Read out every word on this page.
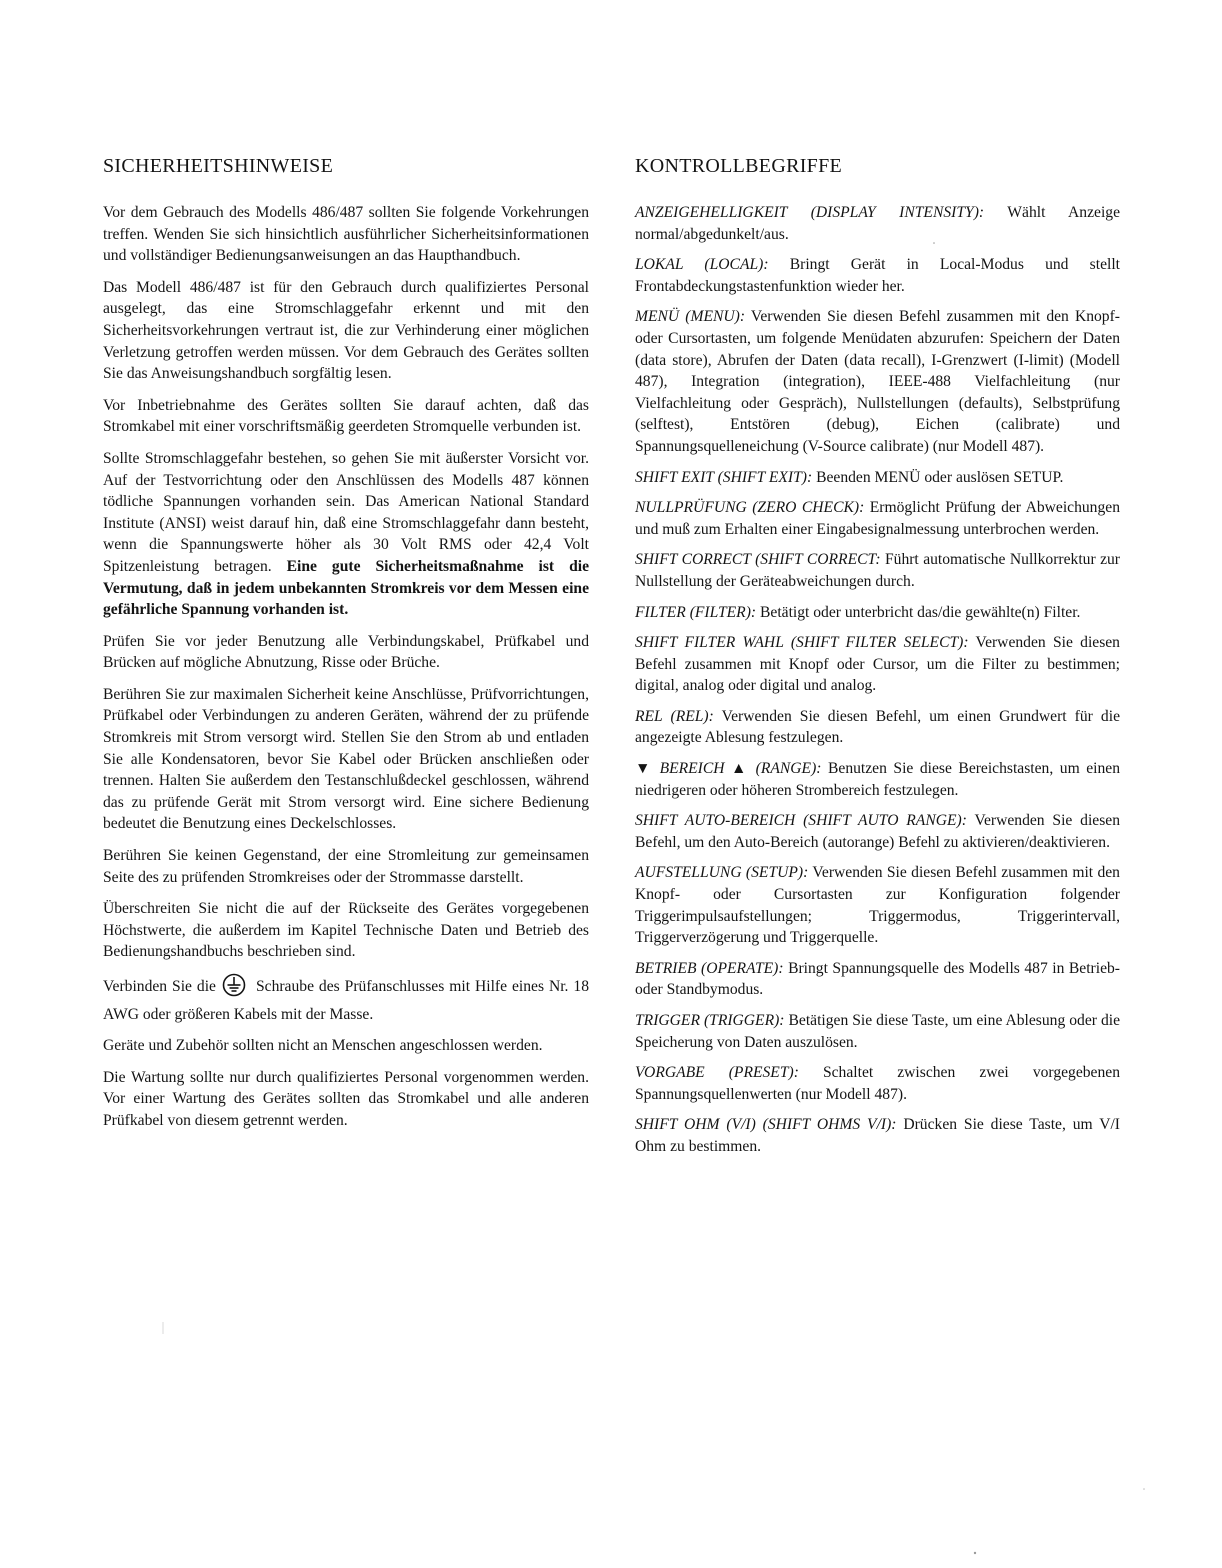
SICHERHEITSHINWEISE

Vor dem Gebrauch des Modells 486/487 sollten Sie folgende Vorkehrungen treffen. Wenden Sie sich hinsichtlich ausführlicher Sicherheitsinformationen und vollständiger Bedienungsanweisungen an das Haupthandbuch.

Das Modell 486/487 ist für den Gebrauch durch qualifiziertes Personal ausgelegt, das eine Stromschlaggefahr erkennt und mit den Sicherheitsvorkehrungen vertraut ist, die zur Verhinderung einer möglichen Verletzung getroffen werden müssen. Vor dem Gebrauch des Gerätes sollten Sie das Anweisungshandbuch sorgfältig lesen.

Vor Inbetriebnahme des Gerätes sollten Sie darauf achten, daß das Stromkabel mit einer vorschriftsmäßig geerdeten Stromquelle verbunden ist.

Sollte Stromschlaggefahr bestehen, so gehen Sie mit äußerster Vorsicht vor. Auf der Testvorrichtung oder den Anschlüssen des Modells 487 können tödliche Spannungen vorhanden sein. Das American National Standard Institute (ANSI) weist darauf hin, daß eine Stromschlaggefahr dann besteht, wenn die Spannungswerte höher als 30 Volt RMS oder 42,4 Volt Spitzenleistung betragen. Eine gute Sicherheitsmaßnahme ist die Vermutung, daß in jedem unbekannten Stromkreis vor dem Messen eine gefährliche Spannung vorhanden ist.

Prüfen Sie vor jeder Benutzung alle Verbindungskabel, Prüfkabel und Brücken auf mögliche Abnutzung, Risse oder Brüche.

Berühren Sie zur maximalen Sicherheit keine Anschlüsse, Prüfvorrichtungen, Prüfkabel oder Verbindungen zu anderen Geräten, während der zu prüfende Stromkreis mit Strom versorgt wird. Stellen Sie den Strom ab und entladen Sie alle Kondensatoren, bevor Sie Kabel oder Brücken anschließen oder trennen. Halten Sie außerdem den Testanschlußdeckel geschlossen, während das zu prüfende Gerät mit Strom versorgt wird. Eine sichere Bedienung bedeutet die Benutzung eines Deckelschlosses.

Berühren Sie keinen Gegenstand, der eine Stromleitung zur gemeinsamen Seite des zu prüfenden Stromkreises oder der Strommasse darstellt.

Überschreiten Sie nicht die auf der Rückseite des Gerätes vorgegebenen Höchstwerte, die außerdem im Kapitel Technische Daten und Betrieb des Bedienungshandbuchs beschrieben sind.

Verbinden Sie die	Schraube des Prüfanschlusses mit Hilfe eines Nr. 18 AWG oder größeren Kabels mit der Masse.

Geräte und Zubehör sollten nicht an Menschen angeschlossen werden.

Die Wartung sollte nur durch qualifiziertes Personal vorgenommen werden. Vor einer Wartung des Gerätes sollten das Stromkabel und alle anderen Prüfkabel von diesem getrennt werden.

KONTROLLBEGRIFFE

ANZEIGEHELLIGKEIT (DISPLAY INTENSITY): Wählt Anzeige normal/abgedunkelt/aus.

LOKAL (LOCAL): Bringt Gerät in Local-Modus und stellt Frontabdeckungstastenfunktion wieder her.

MENÜ (MENU): Verwenden Sie diesen Befehl zusammen mit den Knopf- oder Cursortasten, um folgende Menüdaten abzurufen: Speichern der Daten (data store), Abrufen der Daten (data recall), I-Grenzwert (I-limit) (Modell 487), Integration (integration), IEEE-488 Vielfachleitung (nur Vielfachleitung oder Gespräch), Nullstellungen (defaults), Selbstprüfung (selftest), Entstören (debug), Eichen (calibrate) und Spannungsquelleneichung (V-Source calibrate) (nur Modell 487).

SHIFT EXIT (SHIFT EXIT): Beenden MENÜ oder auslösen SETUP.

NULLPRÜFUNG (ZERO CHECK): Ermöglicht Prüfung der Abweichungen und muß zum Erhalten einer Eingabesignalmessung unterbrochen werden.

SHIFT CORRECT (SHIFT CORRECT: Führt automatische Nullkorrektur zur Nullstellung der Geräteabweichungen durch.

FILTER (FILTER): Betätigt oder unterbricht das/die gewählte(n) Filter.

SHIFT FILTER WAHL (SHIFT FILTER SELECT): Verwenden Sie diesen Befehl zusammen mit Knopf oder Cursor, um die Filter zu bestimmen; digital, analog oder digital und analog.

REL (REL): Verwenden Sie diesen Befehl, um einen Grundwert für die angezeigte Ablesung festzulegen.

▼ BEREICH ▲ (RANGE): Benutzen Sie diese Bereichstasten, um einen niedrigeren oder höheren Strombereich festzulegen.

SHIFT AUTO-BEREICH (SHIFT AUTO RANGE): Verwenden Sie diesen Befehl, um den Auto-Bereich (autorange) Befehl zu aktivieren/deaktivieren.

AUFSTELLUNG (SETUP): Verwenden Sie diesen Befehl zusammen mit den Knopf- oder Cursortasten zur Konfiguration folgender Triggerimpulsaufstellungen; Triggermodus, Triggerintervall, Triggerverzögerung und Triggerquelle.

BETRIEB (OPERATE): Bringt Spannungsquelle des Modells 487 in Betrieb- oder Standbymodus.

TRIGGER (TRIGGER): Betätigen Sie diese Taste, um eine Ablesung oder die Speicherung von Daten auszulösen.

VORGABE (PRESET): Schaltet zwischen zwei vorgegebenen Spannungsquellenwerten (nur Modell 487).

SHIFT OHM (V/I) (SHIFT OHMS V/I): Drücken Sie diese Taste, um V/I Ohm zu bestimmen.
